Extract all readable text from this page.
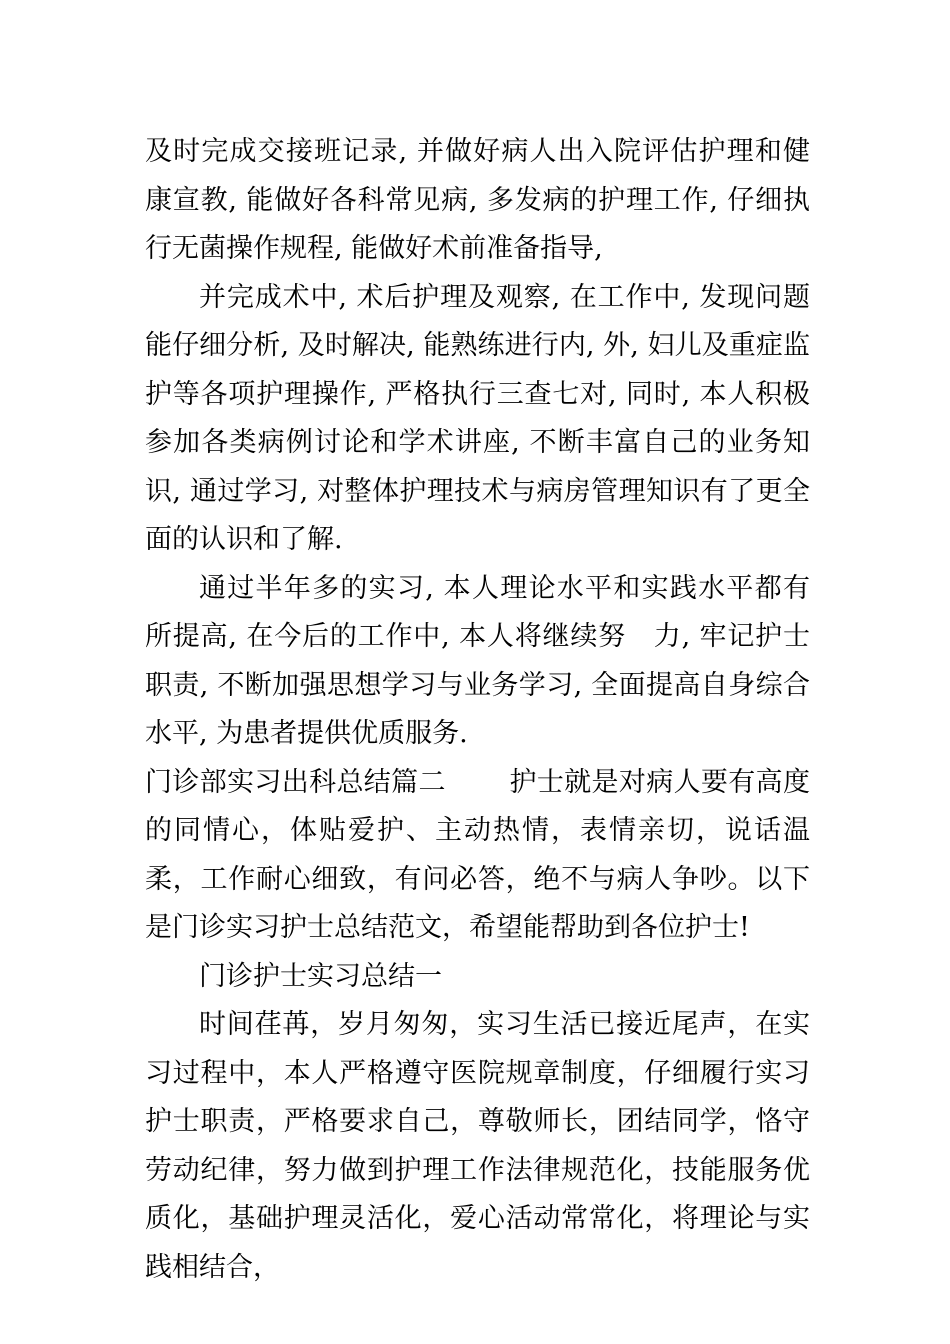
及时完成交接班记录, 并做好病人出入院评估护理和健康宣教, 能做好各科常见病, 多发病的护理工作, 仔细执行无菌操作规程, 能做好术前准备指导,

并完成术中, 术后护理及观察, 在工作中, 发现问题能仔细分析, 及时解决, 能熟练进行内, 外, 妇儿及重症监护等各项护理操作, 严格执行三查七对, 同时, 本人积极参加各类病例讨论和学术讲座, 不断丰富自己的业务知识, 通过学习, 对整体护理技术与病房管理知识有了更全面的认识和了解.

通过半年多的实习, 本人理论水平和实践水平都有所提高, 在今后的工作中, 本人将继续努　力, 牢记护士职责, 不断加强思想学习与业务学习, 全面提高自身综合水平, 为患者提供优质服务.

门诊部实习出科总结篇二　　 护士就是对病人要有高度的同情心，体贴爱护、主动热情，表情亲切，说话温柔，工作耐心细致，有问必答，绝不与病人争吵。以下是门诊实习护士总结范文，希望能帮助到各位护士!

门诊护士实习总结一

时间荏苒，岁月匆匆，实习生活已接近尾声，在实习过程中，本人严格遵守医院规章制度，仔细履行实习护士职责，严格要求自己，尊敬师长，团结同学，恪守劳动纪律，努力做到护理工作法律规范化，技能服务优质化，基础护理灵活化，爱心活动常常化，将理论与实践相结合，
